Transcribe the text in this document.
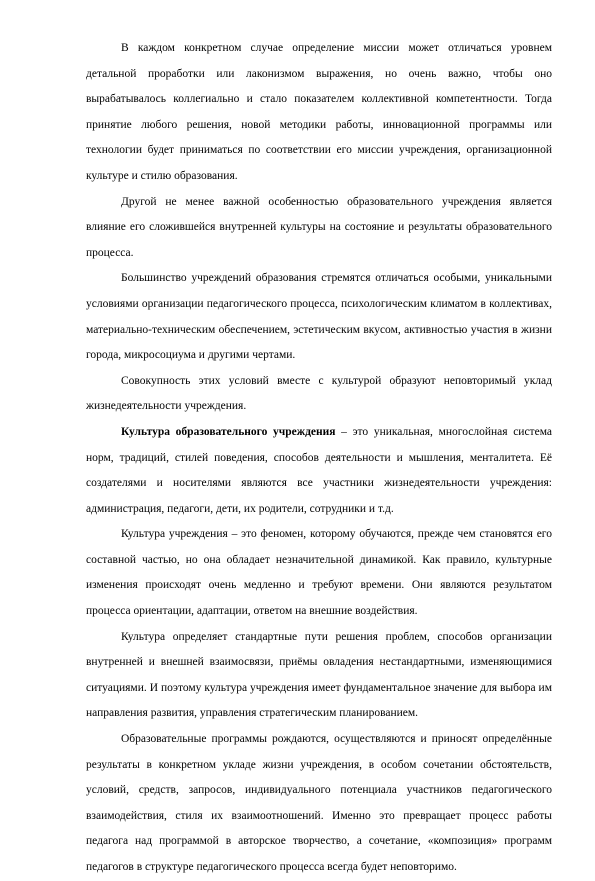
В каждом конкретном случае определение миссии может отличаться уровнем детальной проработки или лаконизмом выражения, но очень важно, чтобы оно вырабатывалось коллегиально и стало показателем коллективной компетентности. Тогда принятие любого решения, новой методики работы, инновационной программы или технологии будет приниматься по соответствии его миссии учреждения, организационной культуре и стилю образования.

Другой не менее важной особенностью образовательного учреждения является влияние его сложившейся внутренней культуры на состояние и результаты образовательного процесса.

Большинство учреждений образования стремятся отличаться особыми, уникальными условиями организации педагогического процесса, психологическим климатом в коллективах, материально-техническим обеспечением, эстетическим вкусом, активностью участия в жизни города, микросоциума и другими чертами.

Совокупность этих условий вместе с культурой образуют неповторимый уклад жизнедеятельности учреждения.

Культура образовательного учреждения – это уникальная, многослойная система норм, традиций, стилей поведения, способов деятельности и мышления, менталитета. Её создателями и носителями являются все участники жизнедеятельности учреждения: администрация, педагоги, дети, их родители, сотрудники и т.д.

Культура учреждения – это феномен, которому обучаются, прежде чем становятся его составной частью, но она обладает незначительной динамикой. Как правило, культурные изменения происходят очень медленно и требуют времени. Они являются результатом процесса ориентации, адаптации, ответом на внешние воздействия.

Культура определяет стандартные пути решения проблем, способов организации внутренней и внешней взаимосвязи, приёмы овладения нестандартными, изменяющимися ситуациями. И поэтому культура учреждения имеет фундаментальное значение для выбора им направления развития, управления стратегическим планированием.

Образовательные программы рождаются, осуществляются и приносят определённые результаты в конкретном укладе жизни учреждения, в особом сочетании обстоятельств, условий, средств, запросов, индивидуального потенциала участников педагогического взаимодействия, стиля их взаимоотношений. Именно это превращает процесс работы педагога над программой в авторское творчество, а сочетание, «композиция» программ педагогов в структуре педагогического процесса всегда будет неповторимо.
